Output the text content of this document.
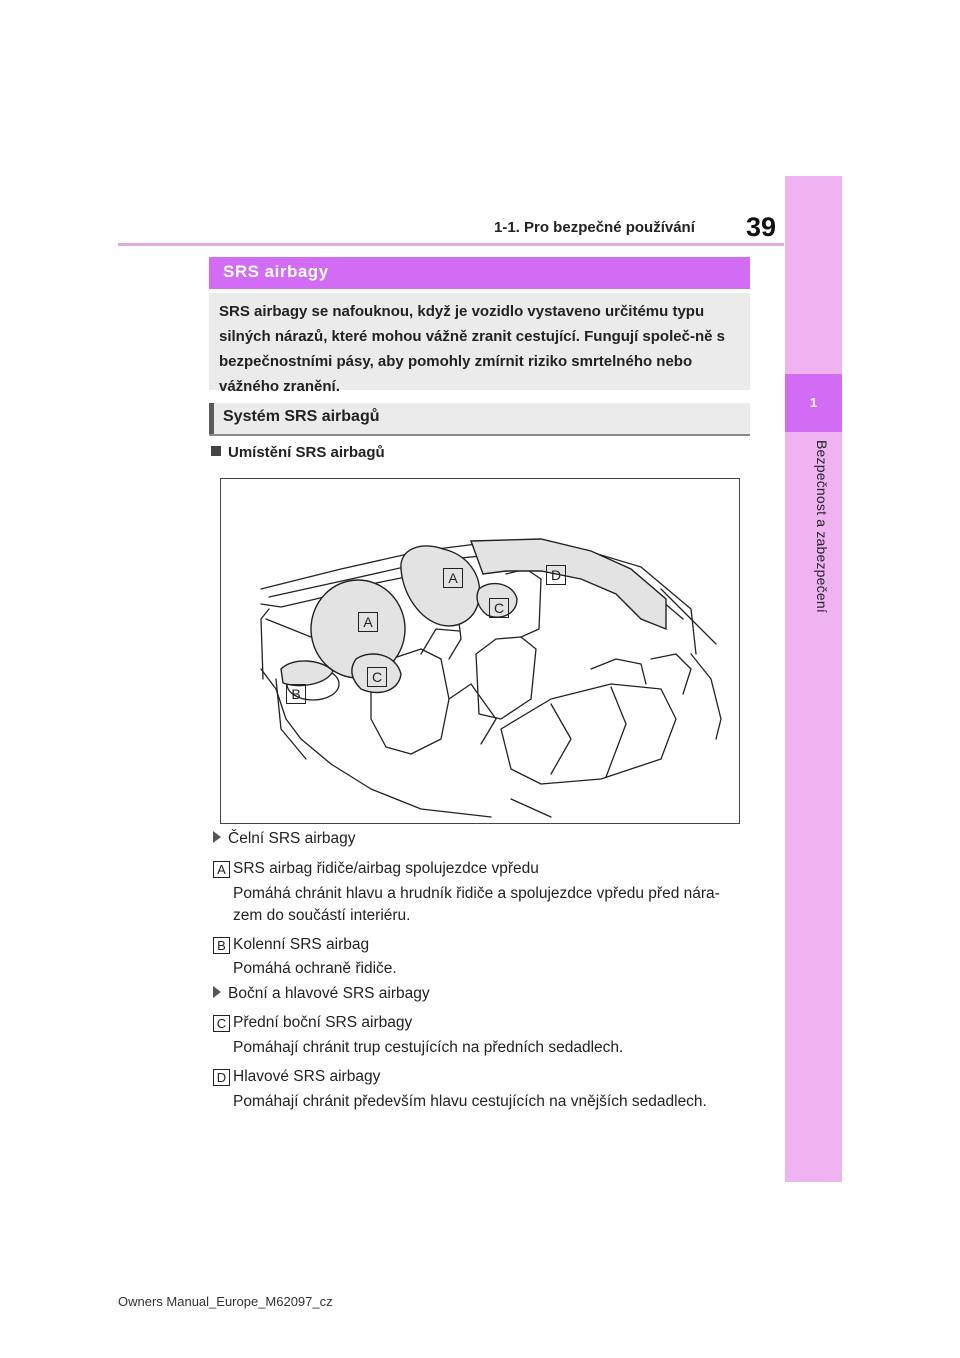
1-1. Pro bezpečné používání 39
1
Bezpečnost a zabezpečení
SRS airbagy

SRS airbagy se nafouknou, když je vozidlo vystaveno určitému typu silných nárazů, které mohou vážně zranit cestující. Fungují společ-ně s bezpečnostními pásy, aby pomohly zmírnit riziko smrtelného nebo vážného zranění.

Systém SRS airbagů
Umístění SRS airbagů
A
A	D
C
C
B
Čelní SRS airbagy
A SRS airbag řidiče/airbag spolujezdce vpředu
Pomáhá chránit hlavu a hrudník řidiče a spolujezdce vpředu před nára-
zem do součástí interiéru.
B Kolenní SRS airbag
Pomáhá ochraně řidiče.
Boční a hlavové SRS airbagy
C Přední boční SRS airbagy
Pomáhají chránit trup cestujících na předních sedadlech.
D Hlavové SRS airbagy
Pomáhají chránit především hlavu cestujících na vnějších sedadlech.
Owners Manual_Europe_M62097_cz
